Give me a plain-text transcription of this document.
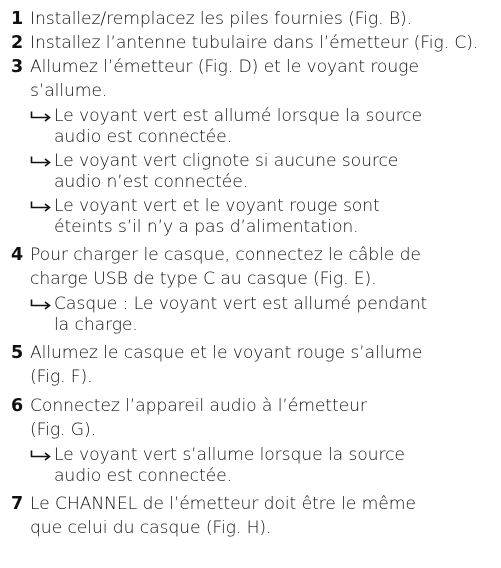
1 Installez/remplacez les piles fournies (Fig. B).
2 Installez l’antenne tubulaire dans l’émetteur (Fig. C).
3 Allumez l’émetteur (Fig. D) et le voyant rouge
s’allume.
Le voyant vert est allumé lorsque la source
audio est connectée.
Le voyant vert clignote si aucune source
audio n’est connectée.
Le voyant vert et le voyant rouge sont
éteints s’il n’y a pas d’alimentation.
4 Pour charger le casque, connectez le câble de
charge USB de type C au casque (Fig. E).
Casque : Le voyant vert est allumé pendant
la charge.
5 Allumez le casque et le voyant rouge s’allume
(Fig. F).
6 Connectez l’appareil audio à l’émetteur
(Fig. G).
Le voyant vert s’allume lorsque la source
audio est connectée.
7 Le CHANNEL de l’émetteur doit être le même
que celui du casque (Fig. H).
